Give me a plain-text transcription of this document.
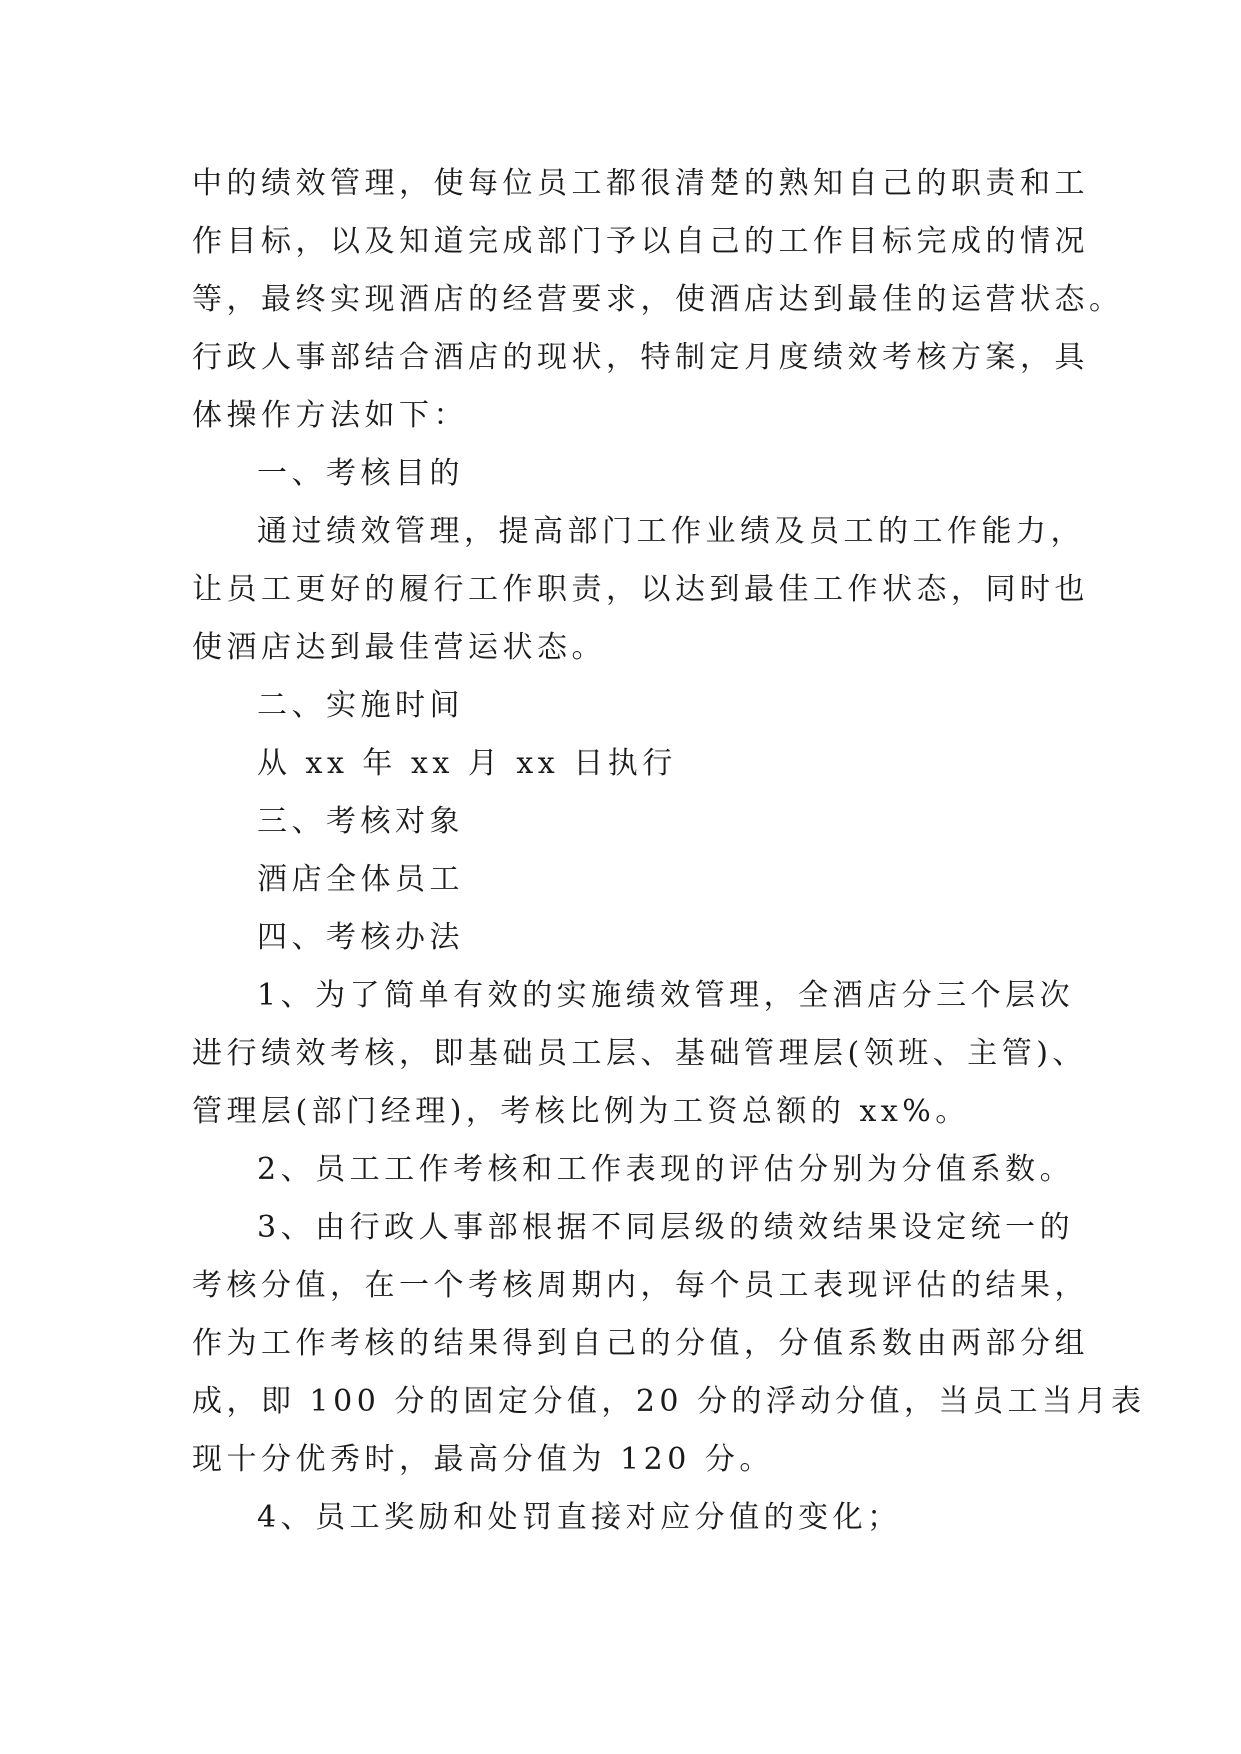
中的绩效管理，使每位员工都很清楚的熟知自己的职责和工
作目标，以及知道完成部门予以自己的工作目标完成的情况
等，最终实现酒店的经营要求，使酒店达到最佳的运营状态。
行政人事部结合酒店的现状，特制定月度绩效考核方案，具
体操作方法如下：
一、考核目的
通过绩效管理，提高部门工作业绩及员工的工作能力，
让员工更好的履行工作职责，以达到最佳工作状态，同时也
使酒店达到最佳营运状态。
二、实施时间
从 xx 年 xx 月 xx 日执行
三、考核对象
酒店全体员工
四、考核办法
1、为了简单有效的实施绩效管理，全酒店分三个层次
进行绩效考核，即基础员工层、基础管理层(领班、主管)、
管理层(部门经理)，考核比例为工资总额的 xx%。
2、员工工作考核和工作表现的评估分别为分值系数。
3、由行政人事部根据不同层级的绩效结果设定统一的
考核分值，在一个考核周期内，每个员工表现评估的结果，
作为工作考核的结果得到自己的分值，分值系数由两部分组
成，即 100 分的固定分值，20 分的浮动分值，当员工当月表
现十分优秀时，最高分值为 120 分。
4、员工奖励和处罚直接对应分值的变化；
